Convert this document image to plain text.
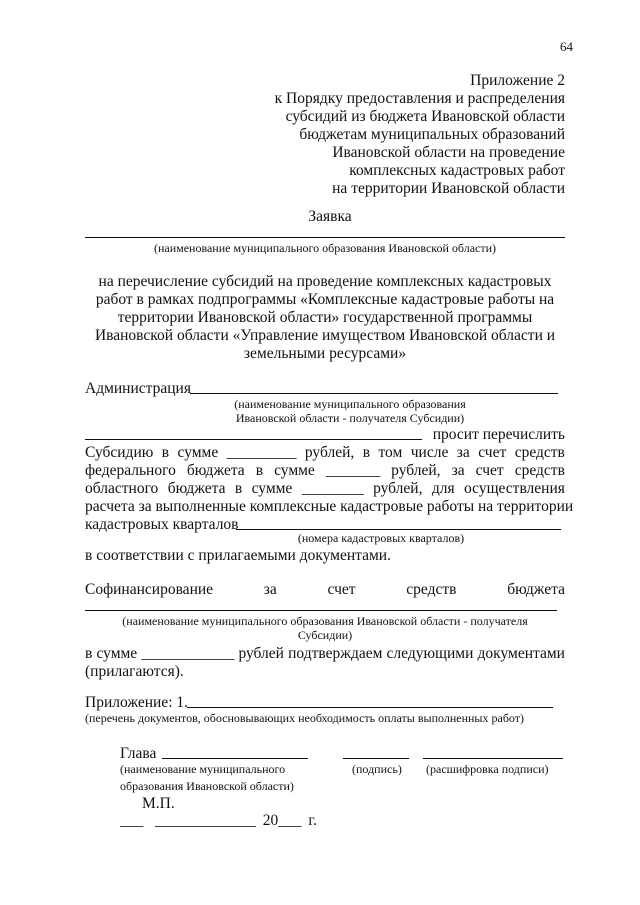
64
Приложение 2
к Порядку предоставления и распределения
субсидий из бюджета Ивановской области
бюджетам муниципальных образований
Ивановской области на проведение
комплексных кадастровых работ
на территории Ивановской области
Заявка
(наименование муниципального образования Ивановской области)
на перечисление субсидий на проведение комплексных кадастровых
работ в рамках подпрограммы «Комплексные кадастровые работы на
территории Ивановской области» государственной программы
Ивановской области «Управление имуществом Ивановской области и
земельными ресурсами»
Администрация
(наименование муниципального образования
Ивановской области - получателя Субсидии)
просит перечислить
Субсидию в сумме _________ рублей, в том числе за счет средств
федерального бюджета в сумме _______ рублей, за счет средств
областного бюджета в сумме ________ рублей, для осуществления
расчета за выполненные комплексные кадастровые работы на территории
кадастровых кварталов
(номера кадастровых кварталов)
в соответствии с прилагаемыми документами.
Софинансирование	за	счет	средств	бюджета
(наименование муниципального образования Ивановской области - получателя
Субсидии)
в сумме ____________ рублей подтверждаем следующими документами
(прилагаются).
Приложение: 1.
(перечень документов, обосновывающих необходимость оплаты выполненных работ)
Глава
(наименование муниципального
образования Ивановской области)
(подпись) (расшифровка подписи)
М.П.
___ _____________ 20___ г.
